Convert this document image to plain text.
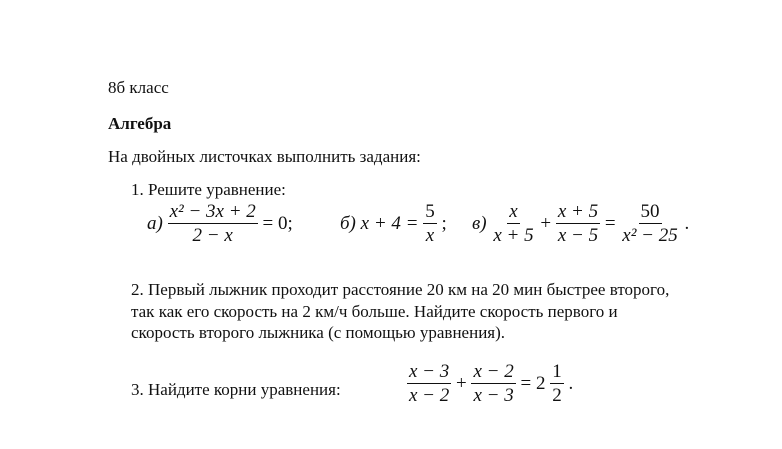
8б класс
Алгебра
На двойных листочках выполнить задания:
1. Решите уравнение:
$а) \frac{\text{x² − 3x + 2}}{2 - x} = 0$; б) $x + 4 = \frac{5}{x}$ ; $в) \frac{x}{x + 5} + \frac{x + 5}{x - 5} = \frac{50}{\text{x² − 25}}$ .
2. Первый лыжник проходит расстояние 20 км на 20 мин быстрее второго,
так как его скорость на 2 км/ч больше. Найдите скорость первого и
скорость второго лыжника (с помощью уравнения).
3. Найдите корни уравнения:	$\frac{x - 3}{x - 2} + \frac{x - 2}{x - 3} = 2 \frac{1}{2}$ .
